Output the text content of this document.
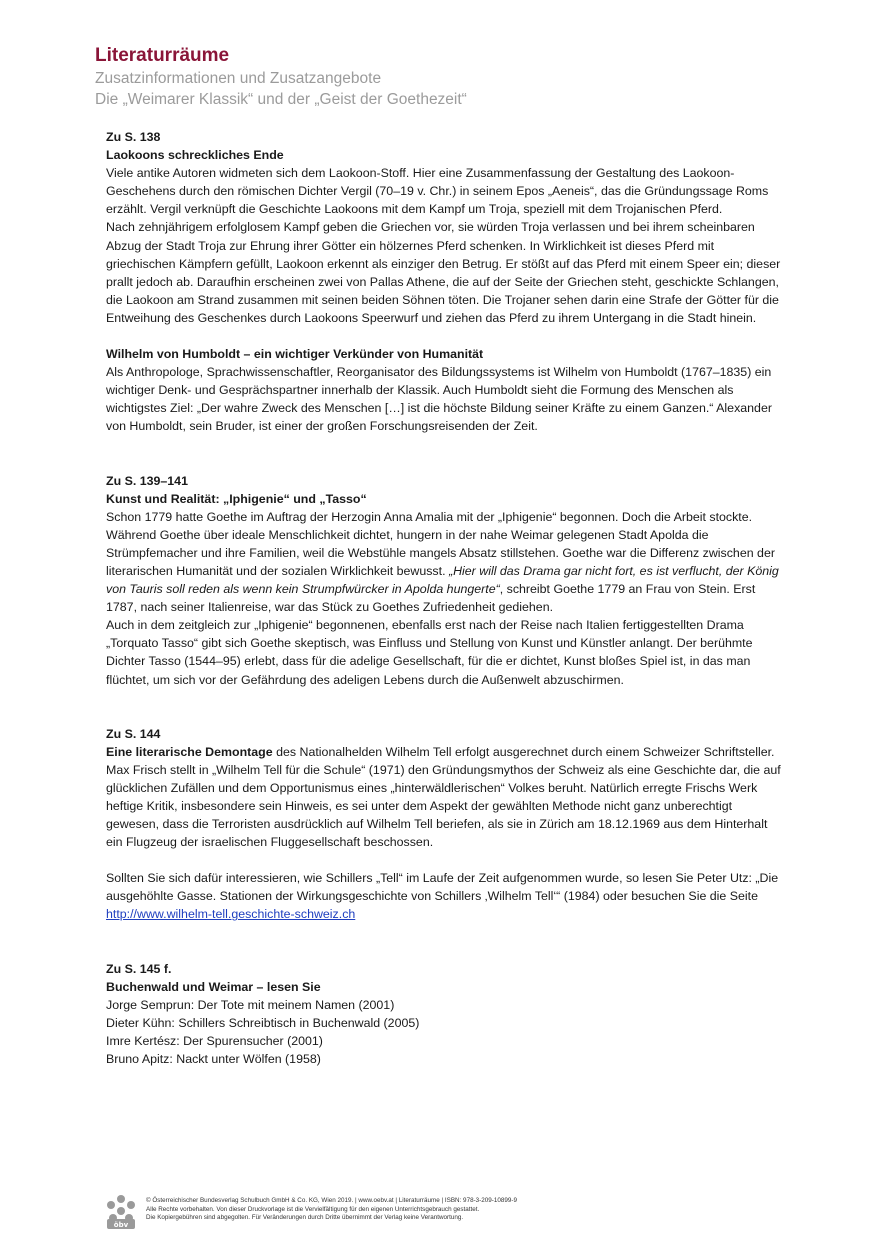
Literaturräume

Zusatzinformationen und Zusatzangebote

Die „Weimarer Klassik“ und der „Geist der Goethezeit“

Zu S. 138

Laokoons schreckliches Ende

Viele antike Autoren widmeten sich dem Laokoon-Stoff. Hier eine Zusammenfassung der Gestaltung des Laokoon-Geschehens durch den römischen Dichter Vergil (70–19 v. Chr.) in seinem Epos „Aeneis“, das die Gründungssage Roms erzählt. Vergil verknüpft die Geschichte Laokoons mit dem Kampf um Troja, speziell mit dem Trojanischen Pferd.

Nach zehnjährigem erfolglosem Kampf geben die Griechen vor, sie würden Troja verlassen und bei ihrem scheinbaren Abzug der Stadt Troja zur Ehrung ihrer Götter ein hölzernes Pferd schenken. In Wirklichkeit ist dieses Pferd mit griechischen Kämpfern gefüllt, Laokoon erkennt als einziger den Betrug. Er stößt auf das Pferd mit einem Speer ein; dieser prallt jedoch ab. Daraufhin erscheinen zwei von Pallas Athene, die auf der Seite der Griechen steht, geschickte Schlangen, die Laokoon am Strand zusammen mit seinen beiden Söhnen töten. Die Trojaner sehen darin eine Strafe der Götter für die Entweihung des Geschenkes durch Laokoons Speerwurf und ziehen das Pferd zu ihrem Untergang in die Stadt hinein.

Wilhelm von Humboldt – ein wichtiger Verkünder von Humanität

Als Anthropologe, Sprachwissenschaftler, Reorganisator des Bildungssystems ist Wilhelm von Humboldt (1767–1835) ein wichtiger Denk- und Gesprächspartner innerhalb der Klassik. Auch Humboldt sieht die Formung des Menschen als wichtigstes Ziel: „Der wahre Zweck des Menschen […] ist die höchste Bildung seiner Kräfte zu einem Ganzen.“ Alexander von Humboldt, sein Bruder, ist einer der großen Forschungsreisenden der Zeit.

Zu S. 139–141

Kunst und Realität: „Iphigenie“ und „Tasso“

Schon 1779 hatte Goethe im Auftrag der Herzogin Anna Amalia mit der „Iphigenie“ begonnen. Doch die Arbeit stockte. Während Goethe über ideale Menschlichkeit dichtet, hungern in der nahe Weimar gelegenen Stadt Apolda die Strümpfemacher und ihre Familien, weil die Webstühle mangels Absatz stillstehen. Goethe war die Differenz zwischen der literarischen Humanität und der sozialen Wirklichkeit bewusst. „Hier will das Drama gar nicht fort, es ist verflucht, der König von Tauris soll reden als wenn kein Strumpfwürcker in Apolda hungerte“, schreibt Goethe 1779 an Frau von Stein. Erst 1787, nach seiner Italienreise, war das Stück zu Goethes Zufriedenheit gediehen.

Auch in dem zeitgleich zur „Iphigenie“ begonnenen, ebenfalls erst nach der Reise nach Italien fertiggestellten Drama „Torquato Tasso“ gibt sich Goethe skeptisch, was Einfluss und Stellung von Kunst und Künstler anlangt. Der berühmte Dichter Tasso (1544–95) erlebt, dass für die adelige Gesellschaft, für die er dichtet, Kunst bloßes Spiel ist, in das man flüchtet, um sich vor der Gefährdung des adeligen Lebens durch die Außenwelt abzuschirmen.

Zu S. 144

Eine literarische Demontage des Nationalhelden Wilhelm Tell erfolgt ausgerechnet durch einem Schweizer Schriftsteller. Max Frisch stellt in „Wilhelm Tell für die Schule“ (1971) den Gründungsmythos der Schweiz als eine Geschichte dar, die auf glücklichen Zufällen und dem Opportunismus eines „hinterwäldlerischen“ Volkes beruht. Natürlich erregte Frischs Werk heftige Kritik, insbesondere sein Hinweis, es sei unter dem Aspekt der gewählten Methode nicht ganz unberechtigt gewesen, dass die Terroristen ausdrücklich auf Wilhelm Tell beriefen, als sie in Zürich am 18.12.1969 aus dem Hinterhalt ein Flugzeug der israelischen Fluggesellschaft beschossen.

Sollten Sie sich dafür interessieren, wie Schillers „Tell“ im Laufe der Zeit aufgenommen wurde, so lesen Sie Peter Utz: „Die ausgehöhlte Gasse. Stationen der Wirkungsgeschichte von Schillers ‚Wilhelm Tell‘“ (1984) oder besuchen Sie die Seite http://www.wilhelm-tell.geschichte-schweiz.ch

Zu S. 145 f.

Buchenwald und Weimar – lesen Sie

Jorge Semprun: Der Tote mit meinem Namen (2001)

Dieter Kühn: Schillers Schreibtisch in Buchenwald (2005)

Imre Kertész: Der Spurensucher (2001)

Bruno Apitz: Nackt unter Wölfen (1958)

öbv

© Österreichischer Bundesverlag Schulbuch GmbH & Co. KG, Wien 2019. | www.oebv.at | Literaturräume | ISBN: 978-3-209-10899-9

Alle Rechte vorbehalten. Von dieser Druckvorlage ist die Vervielfältigung für den eigenen Unterrichtsgebrauch gestattet.

Die Kopiergebühren sind abgegolten. Für Veränderungen durch Dritte übernimmt der Verlag keine Verantwortung.
